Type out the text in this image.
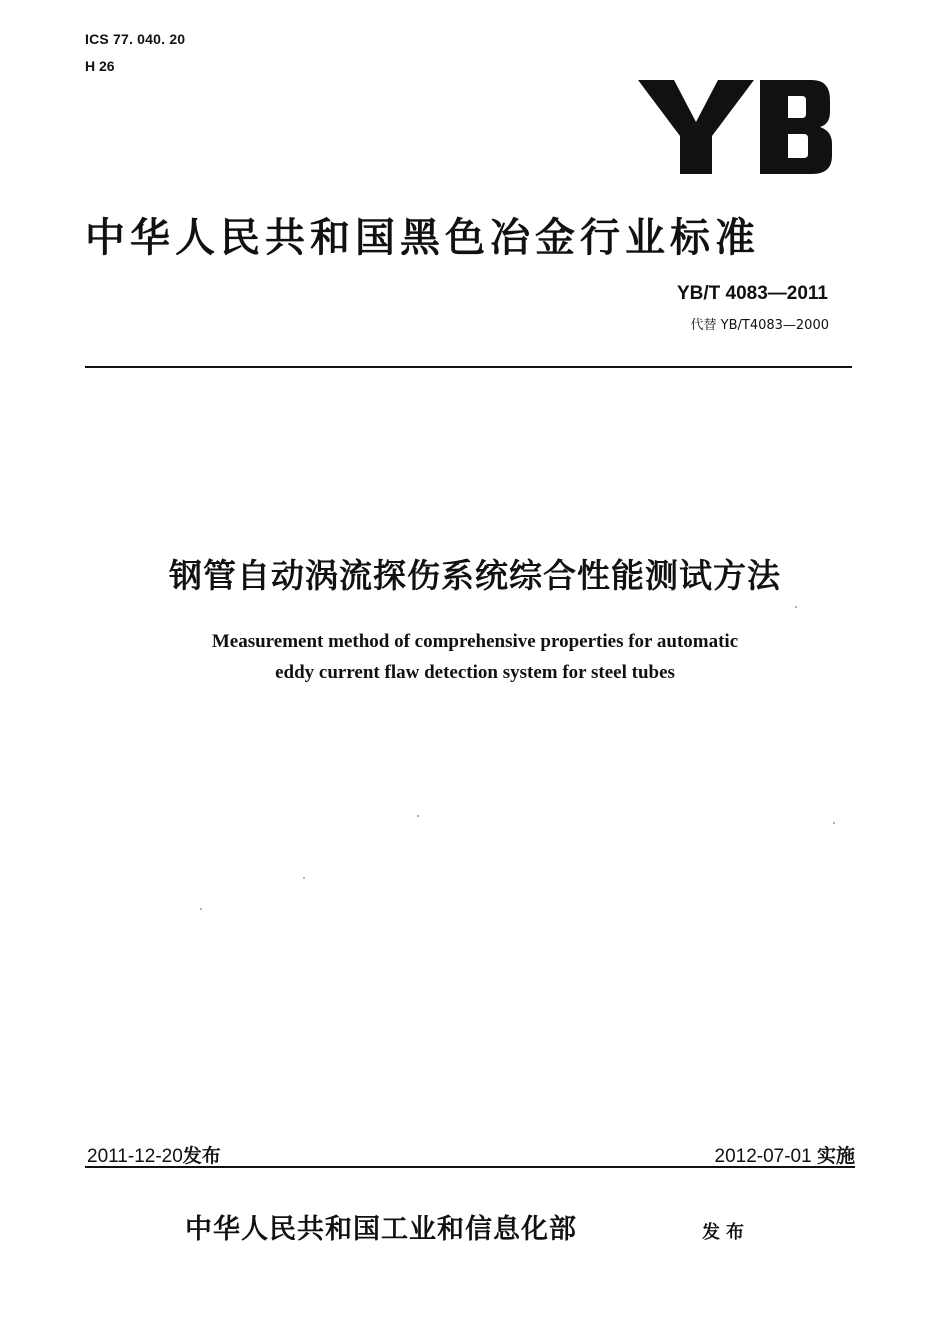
ICS 77. 040. 20
H 26
中华人民共和国黑色冶金行业标准
YB/T 4083—2011
代替 YB/T4083—2000
钢管自动涡流探伤系统综合性能测试方法
Measurement method of comprehensive properties for automatic
eddy current flaw detection system for steel tubes
2011-12-20发布	2012-07-01 实施
中华人民共和国工业和信息化部	发布
